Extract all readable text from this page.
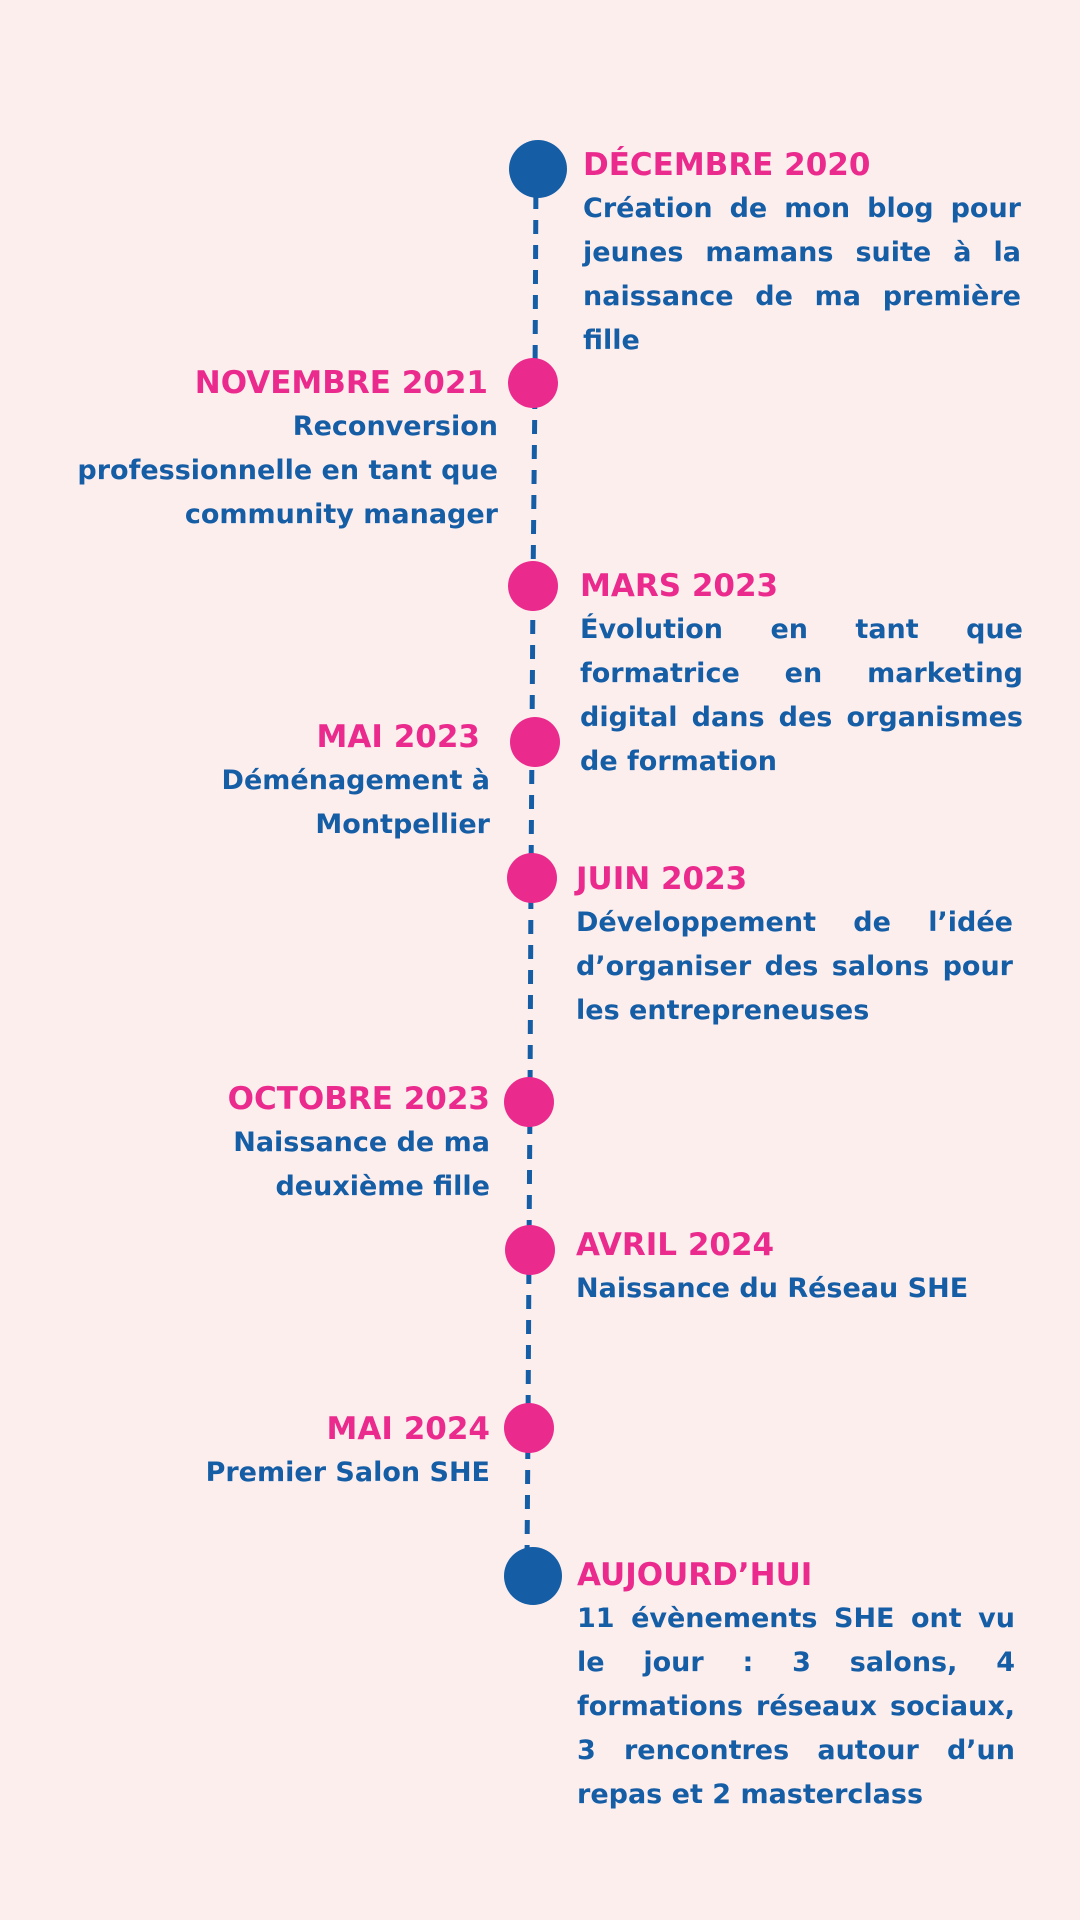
DÉCEMBRE 2020
Création de mon blog pour jeunes mamans suite à la naissance de ma première fille
NOVEMBRE 2021
Reconversion professionnelle en tant que community manager
MARS 2023
Évolution en tant que formatrice en marketing digital dans des organismes de formation
MAI 2023
Déménagement à Montpellier
JUIN 2023
Développement de l’idée d’organiser des salons pour les entrepreneuses
OCTOBRE 2023
Naissance de ma deuxième fille
AVRIL 2024
Naissance du Réseau SHE
MAI 2024
Premier Salon SHE
AUJOURD’HUI
11 évènements SHE ont vu le jour : 3 salons, 4 formations réseaux sociaux, 3 rencontres autour d’un repas et 2 masterclass
